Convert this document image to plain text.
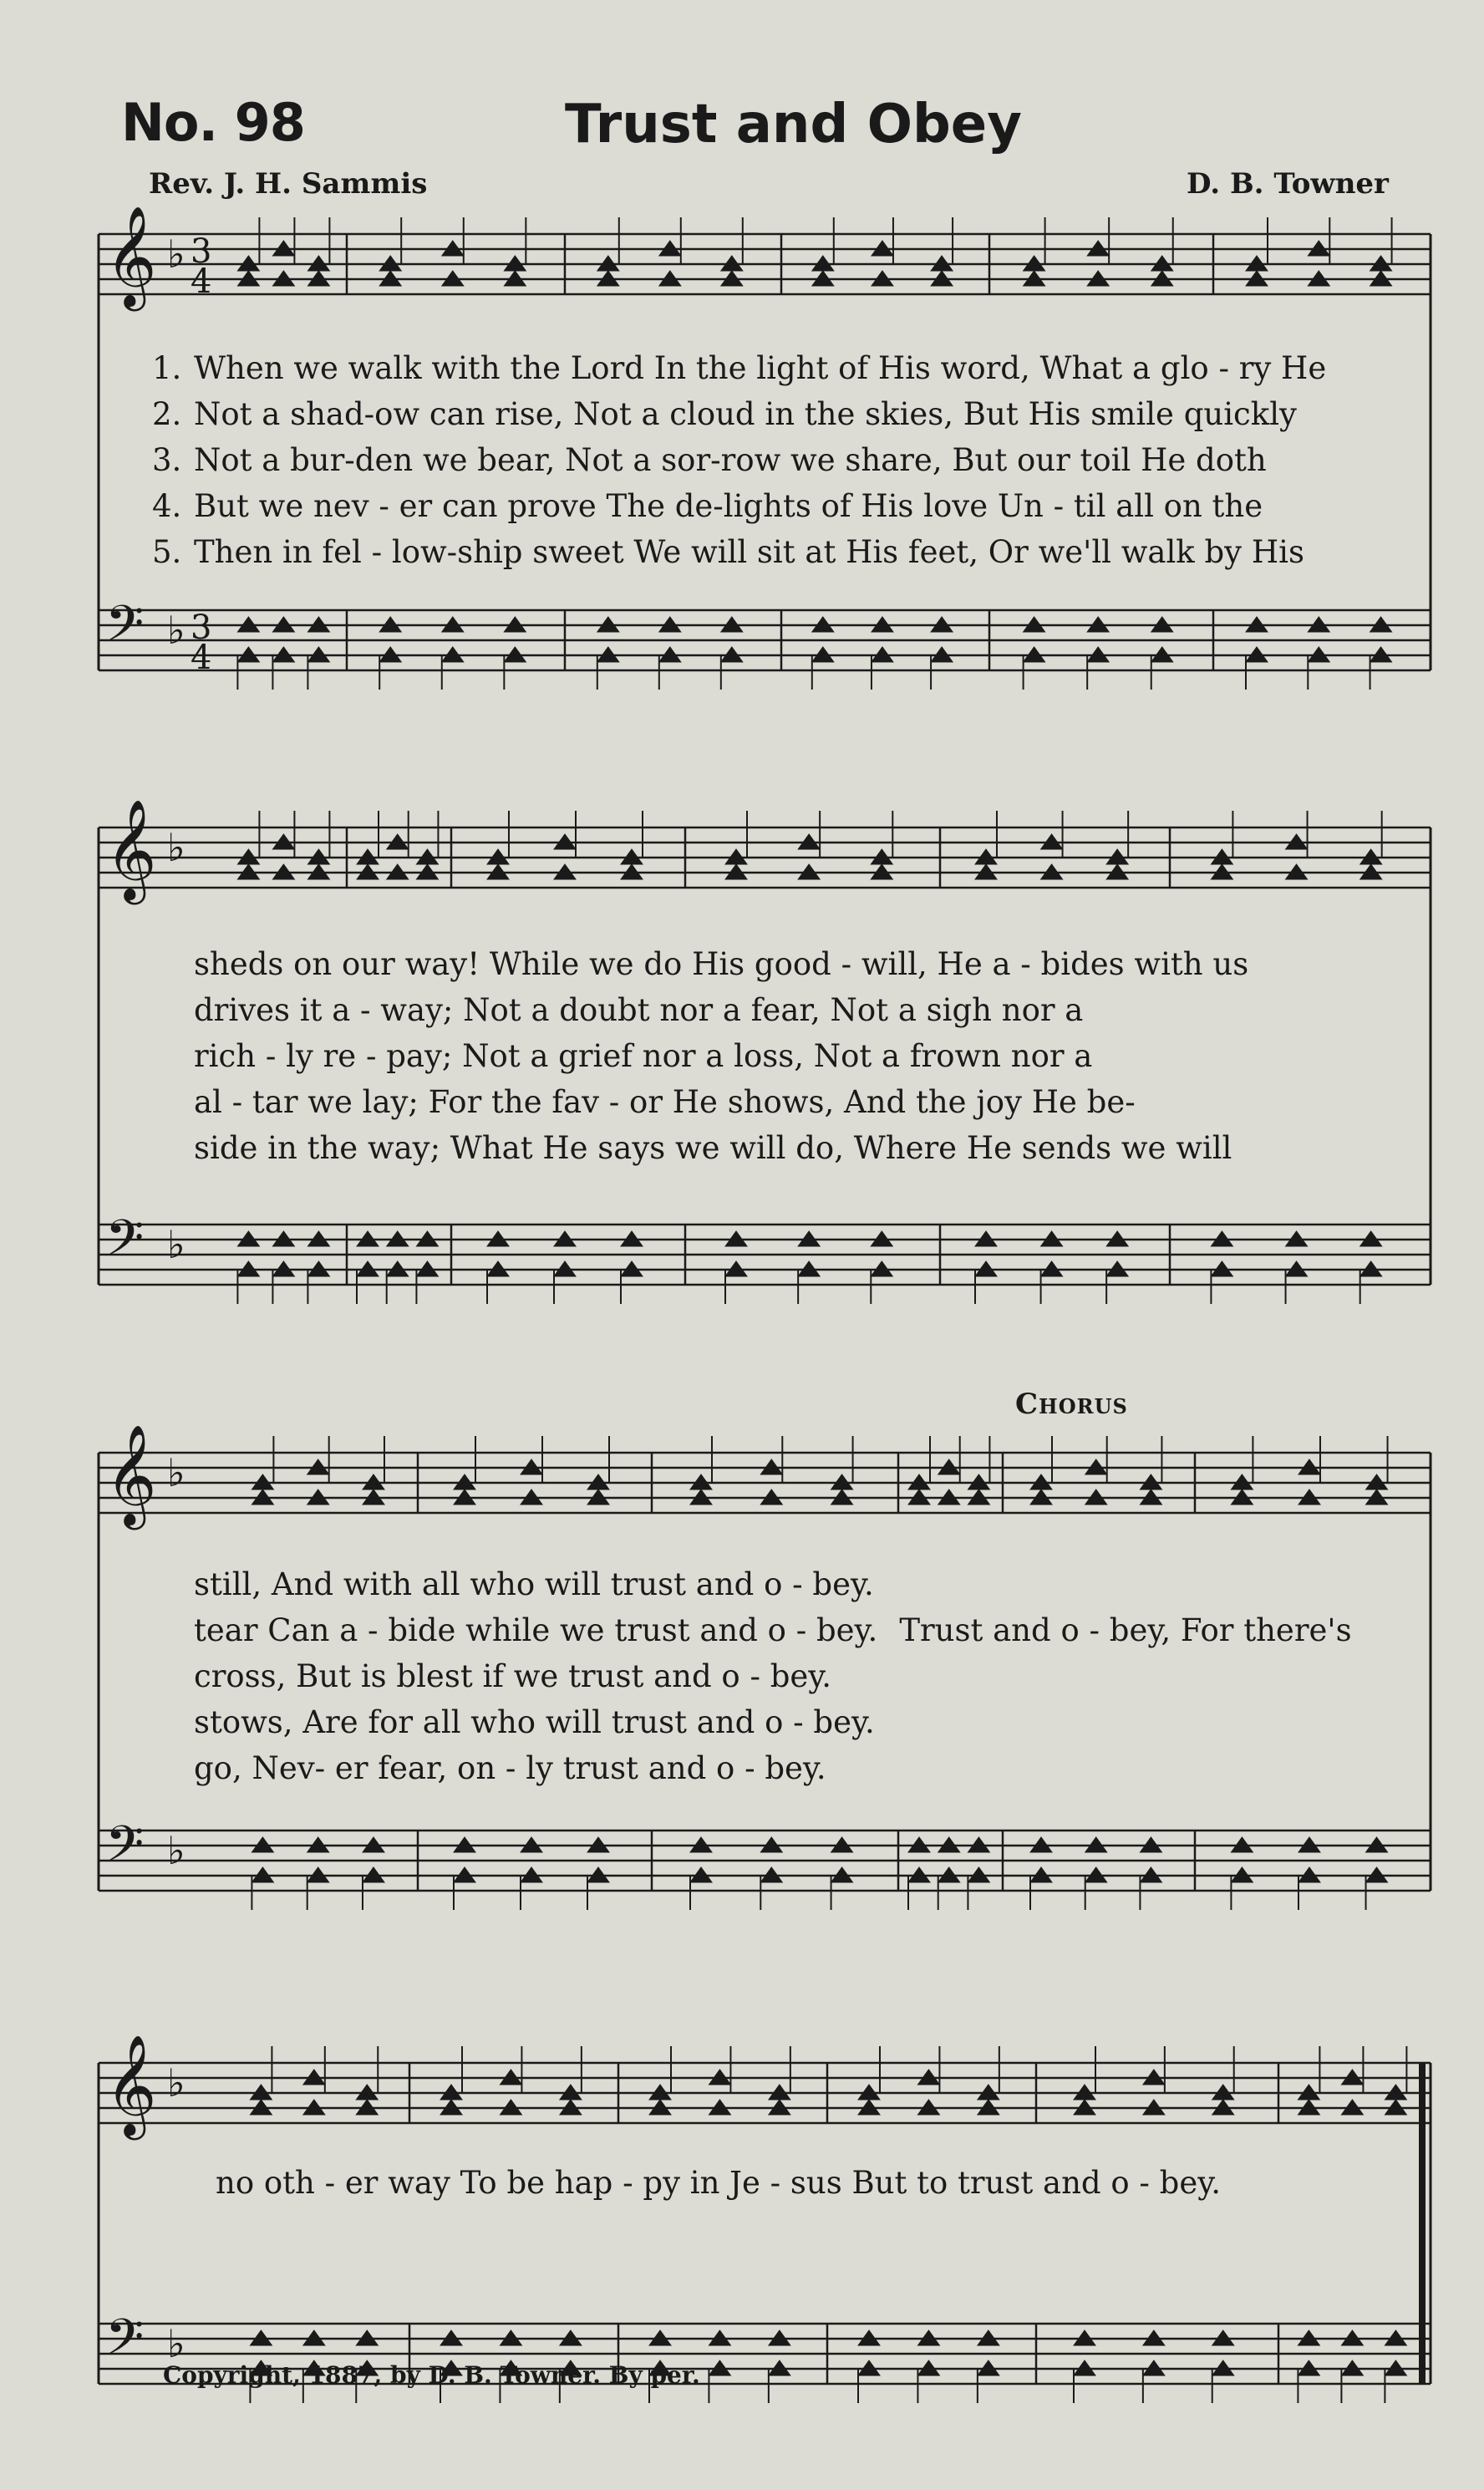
No. 98	Trust and Obey
Rev. J. H. Sammis	D. B. Towner
𝄞 ♭ 3
4
𝄢 ♭ 3
4
𝄞 ♭
𝄢 ♭
𝄞 ♭
𝄢 ♭
𝄞 ♭
𝄢 ♭
1. When we walk with the Lord In the light of His word, What a glo - ry He
2. Not a shad-ow can rise, Not a cloud in the skies, But His smile quickly
3. Not a bur-den we bear, Not a sor-row we share, But our toil He doth
4. But we nev - er can prove The de-lights of His love Un - til all on the
5. Then in fel - low-ship sweet We will sit at His feet, Or we'll walk by His
sheds on our way! While we do His good - will, He a - bides with us
drives it a - way; Not a doubt nor a fear, Not a sigh nor a
rich - ly re - pay; Not a grief nor a loss, Not a frown nor a
al - tar we lay; For the fav - or He shows, And the joy He be-
side in the way; What He says we will do, Where He sends we will
still, And with all who will trust and o - bey.
tear Can a - bide while we trust and o - bey. Trust and o - bey, For there's
cross, But is blest if we trust and o - bey.
stows, Are for all who will trust and o - bey.
go, Nev- er fear, on - ly trust and o - bey.
Chorus
no oth - er way To be hap - py in Je - sus But to trust and o - bey.
Copyright, 1887, by D. B. Towner. By per.
